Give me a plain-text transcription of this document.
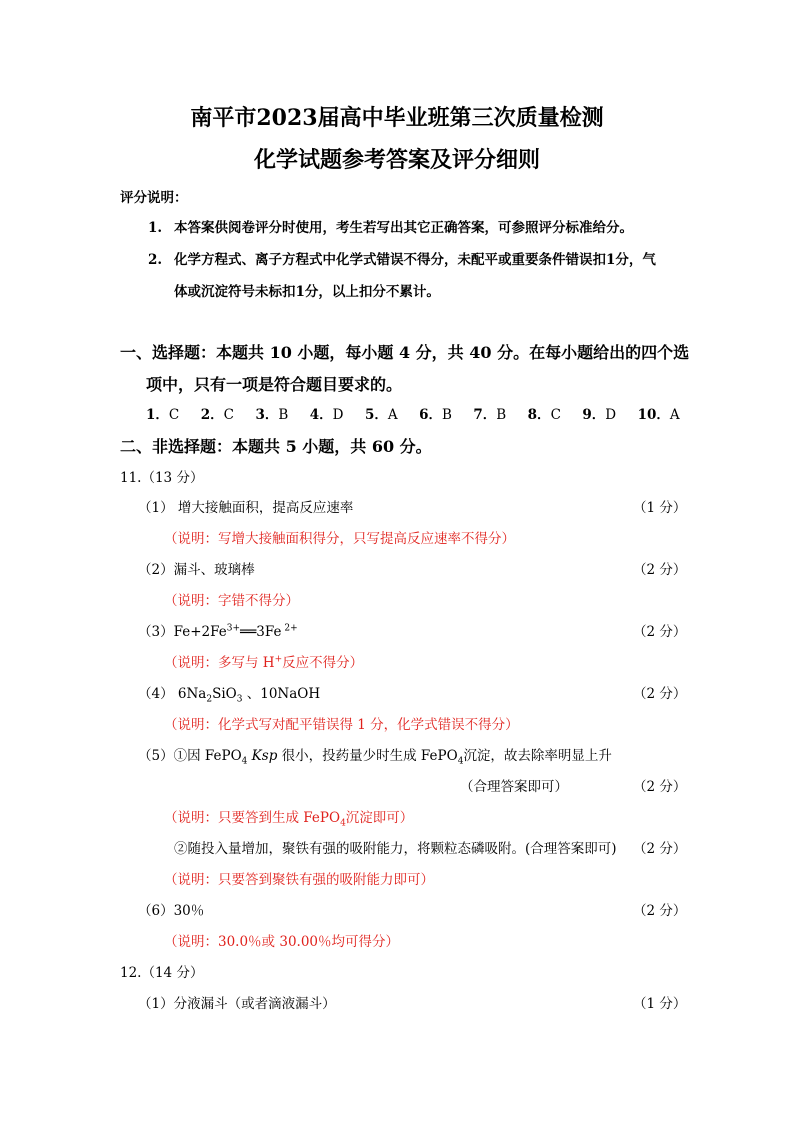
南平市2023届高中毕业班第三次质量检测
化学试题参考答案及评分细则
评分说明：
1. 本答案供阅卷评分时使用，考生若写出其它正确答案，可参照评分标准给分。
2. 化学方程式、离子方程式中化学式错误不得分，未配平或重要条件错误扣1分，气
体或沉淀符号未标扣1分，以上扣分不累计。
一、选择题：本题共 10 小题，每小题 4 分，共 40 分。在每小题给出的四个选
项中，只有一项是符合题目要求的。
1．C 2．C 3．B 4．D 5．A 6．B 7．B 8．C 9．D 10．A
二、非选择题：本题共 5 小题，共 60 分。
11.（13 分）
（1） 增大接触面积，提高反应速率	（1 分）
（说明：写增大接触面积得分，只写提高反应速率不得分）
（2）漏斗、玻璃棒	（2 分）
（说明：字错不得分）
$(3)Fe+2Fe^{3+}══3Fe$ $^{2+}$	（2 分）
（说明：多写与 H+反应不得分）
（4） $6Na_2SiO_3$ 、10NaOH	（2 分）
（说明：化学式写对配平错误得 1 分，化学式错误不得分）
（5）①因 FePO$_4$ Ksp 很小，投药量少时生成 FePO$_4$沉淀，故去除率明显上升
（合理答案即可）	（2 分）
（说明：只要答到生成 FePO$_4$沉淀即可）
②随投入量增加，聚铁有强的吸附能力，将颗粒态磷吸附。(合理答案即可) （2 分）
（说明：只要答到聚铁有强的吸附能力即可）
（6）30％	（2 分）
（说明：30.0％或 30.00％均可得分）
12.（14 分）
（1）分液漏斗（或者滴液漏斗）	（1 分）
